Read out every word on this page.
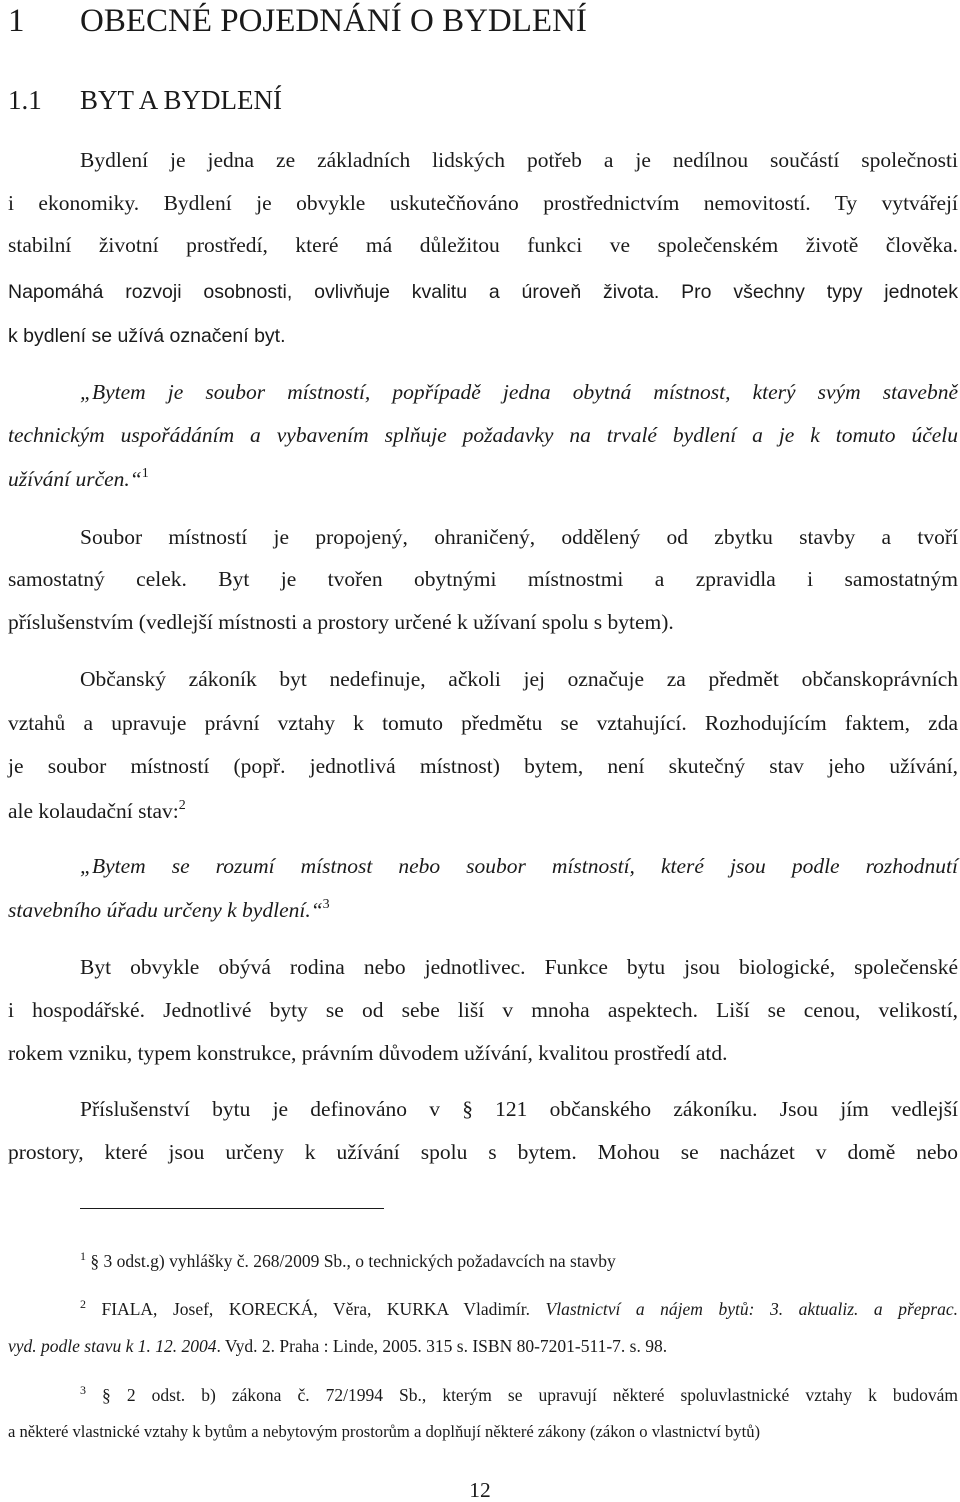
1 OBECNÉ POJEDNÁNÍ O BYDLENÍ
1.1 BYT A BYDLENÍ
Bydlení je jedna ze základních lidských potřeb a je nedílnou součástí společnosti
i ekonomiky. Bydlení je obvykle uskutečňováno prostřednictvím nemovitostí. Ty vytvářejí
stabilní životní prostředí, které má důležitou funkci ve společenském životě člověka.
Napomáhá rozvoji osobnosti, ovlivňuje kvalitu a úroveň života. Pro všechny typy jednotek
k bydlení se užívá označení byt.
„Bytem je soubor místností, popřípadě jedna obytná místnost, který svým stavebně
technickým uspořádáním a vybavením splňuje požadavky na trvalé bydlení a je k tomuto účelu
užívání určen.“$^1$
Soubor místností je propojený, ohraničený, oddělený od zbytku stavby a tvoří
samostatný celek. Byt je tvořen obytnými místnostmi a zpravidla i samostatným
příslušenstvím (vedlejší místnosti a prostory určené k užívaní spolu s bytem).
Občanský zákoník byt nedefinuje, ačkoli jej označuje za předmět občanskoprávních
vztahů a upravuje právní vztahy k tomuto předmětu se vztahující. Rozhodujícím faktem, zda
je soubor místností (popř. jednotlivá místnost) bytem, není skutečný stav jeho užívání,
ale kolaudační stav:$^2$
„Bytem se rozumí místnost nebo soubor místností, které jsou podle rozhodnutí
stavebního úřadu určeny k bydlení.“$^3$
Byt obvykle obývá rodina nebo jednotlivec. Funkce bytu jsou biologické, společenské
i hospodářské. Jednotlivé byty se od sebe liší v mnoha aspektech. Liší se cenou, velikostí,
rokem vzniku, typem konstrukce, právním důvodem užívání, kvalitou prostředí atd.
Příslušenství bytu je definováno v § 121 občanského zákoníku. Jsou jím vedlejší
prostory, které jsou určeny k užívání spolu s bytem. Mohou se nacházet v domě nebo
$^1$ § 3 odst.g) vyhlášky č. 268/2009 Sb., o technických požadavcích na stavby
$^2$ FIALA, Josef, KORECKÁ, Věra, KURKA Vladimír. Vlastnictví a nájem bytů: 3. aktualiz. a přeprac.
vyd. podle stavu k 1. 12. 2004. Vyd. 2. Praha : Linde, 2005. 315 s. ISBN 80-7201-511-7. s. 98.
$^3$ § 2 odst. b) zákona č. 72/1994 Sb., kterým se upravují některé spoluvlastnické vztahy k budovám
a některé vlastnické vztahy k bytům a nebytovým prostorům a doplňují některé zákony (zákon o vlastnictví bytů)
12
